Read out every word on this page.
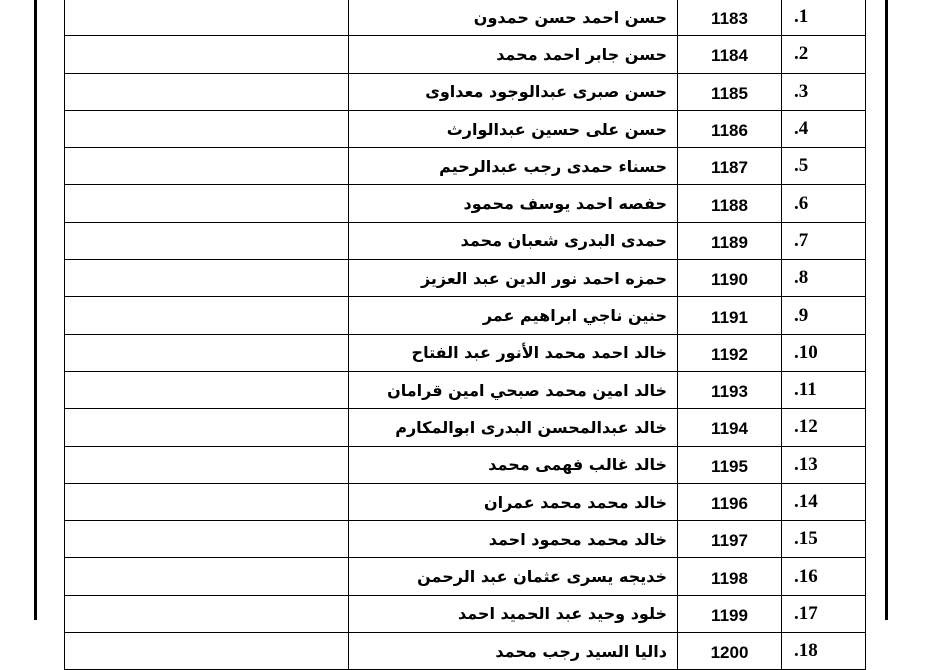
1.	1183	حسن احمد حسن حمدون	
2.	1184	حسن جابر احمد محمد	
3.	1185	حسن صبرى عبدالوجود معداوى	
4.	1186	حسن على حسين عبدالوارث	
5.	1187	حسناء حمدى رجب عبدالرحيم	
6.	1188	حفصه احمد يوسف محمود	
7.	1189	حمدى البدرى شعبان محمد	
8.	1190	حمزه احمد نور الدين عبد العزيز	
9.	1191	حنين ناجي ابراهيم عمر	
10.	1192	خالد احمد محمد الأنور عبد الفتاح	
11.	1193	خالد امين محمد صبحي امين قرامان	
12.	1194	خالد عبدالمحسن البدرى ابوالمكارم	
13.	1195	خالد غالب فهمى محمد	
14.	1196	خالد محمد محمد عمران	
15.	1197	خالد محمد محمود احمد	
16.	1198	خديجه يسرى عثمان عبد الرحمن	
17.	1199	خلود وحيد عبد الحميد احمد	
18.	1200	داليا السيد رجب محمد	
